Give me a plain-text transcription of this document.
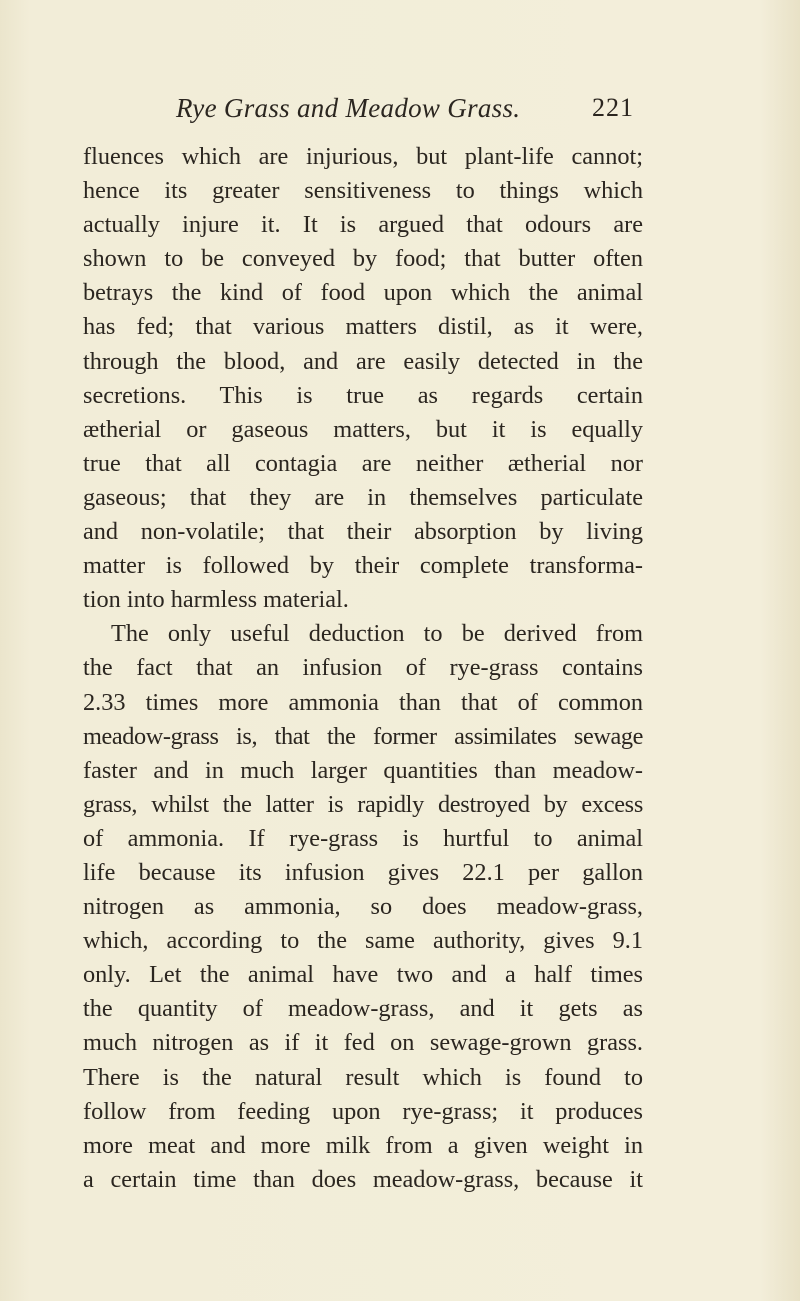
Rye Grass and Meadow Grass.	221
fluences which are injurious, but plant-life cannot;
hence its greater sensitiveness to things which
actually injure it. It is argued that odours are
shown to be conveyed by food; that butter often
betrays the kind of food upon which the animal
has fed; that various matters distil, as it were,
through the blood, and are easily detected in the
secretions. This is true as regards certain
ætherial or gaseous matters, but it is equally
true that all contagia are neither ætherial nor
gaseous; that they are in themselves particulate
and non-volatile; that their absorption by living
matter is followed by their complete transforma-
tion into harmless material.
The only useful deduction to be derived from
the fact that an infusion of rye-grass contains
2.33 times more ammonia than that of common
meadow-grass is, that the former assimilates sewage
faster and in much larger quantities than meadow-
grass, whilst the latter is rapidly destroyed by excess
of ammonia. If rye-grass is hurtful to animal
life because its infusion gives 22.1 per gallon
nitrogen as ammonia, so does meadow-grass,
which, according to the same authority, gives 9.1
only. Let the animal have two and a half times
the quantity of meadow-grass, and it gets as
much nitrogen as if it fed on sewage-grown grass.
There is the natural result which is found to
follow from feeding upon rye-grass; it produces
more meat and more milk from a given weight in
a certain time than does meadow-grass, because it
